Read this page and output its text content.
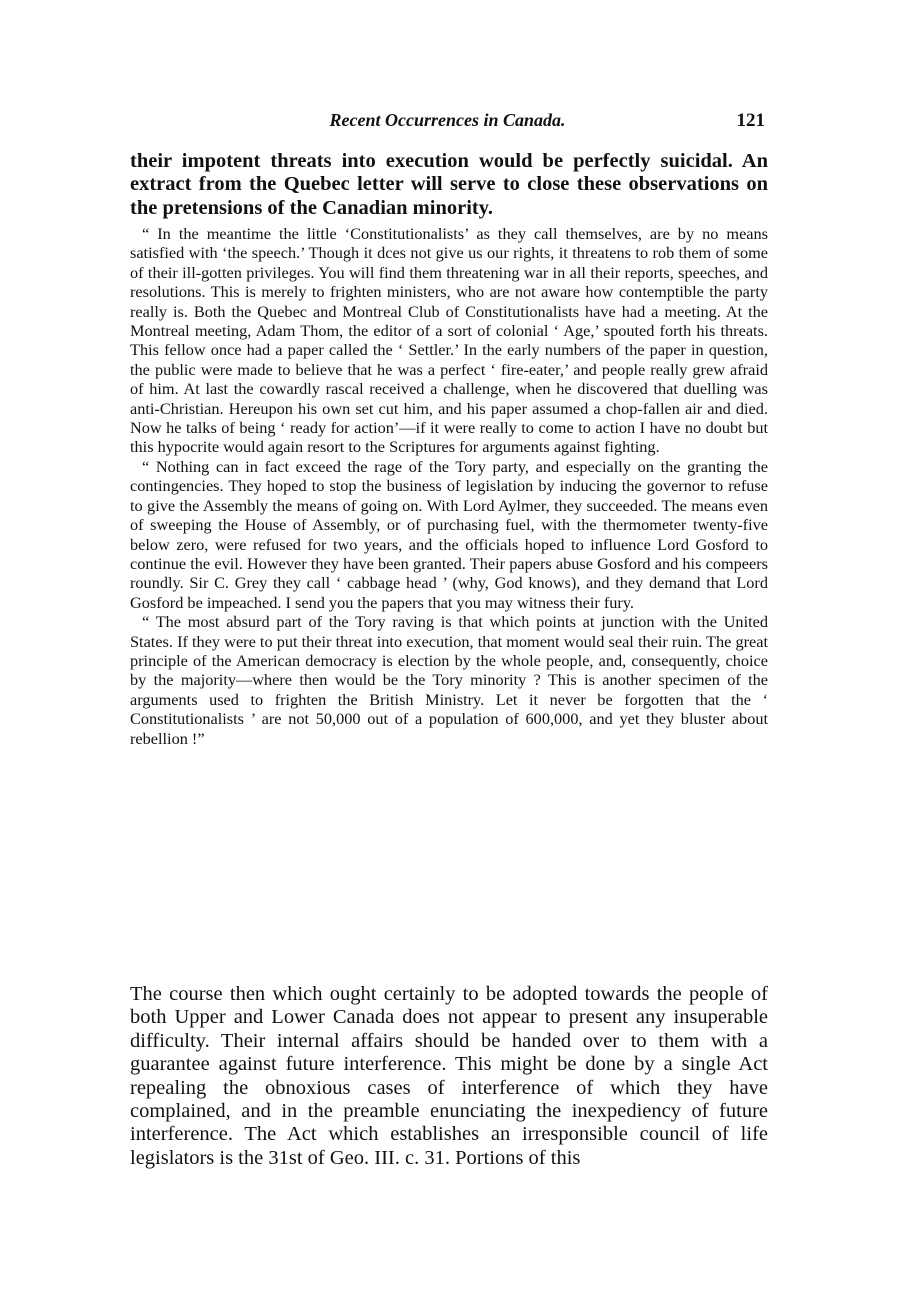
Recent Occurrences in Canada.	121

their impotent threats into execution would be perfectly suicidal. An extract from the Quebec letter will serve to close these observations on the pretensions of the Canadian minority.

“ In the meantime the little ‘Constitutionalists’ as they call themselves, are by no means satisfied with ‘the speech.’ Though it dces not give us our rights, it threatens to rob them of some of their ill-gotten privileges. You will find them threatening war in all their reports, speeches, and resolutions. This is merely to frighten ministers, who are not aware how contemptible the party really is. Both the Quebec and Montreal Club of Constitutionalists have had a meeting. At the Montreal meeting, Adam Thom, the editor of a sort of colonial ‘ Age,’ spouted forth his threats. This fellow once had a paper called the ‘ Settler.’ In the early numbers of the paper in question, the public were made to believe that he was a perfect ‘ fire-eater,’ and people really grew afraid of him. At last the cowardly rascal received a challenge, when he discovered that duelling was anti-Christian. Hereupon his own set cut him, and his paper assumed a chop-fallen air and died. Now he talks of being ‘ ready for action’—if it were really to come to action I have no doubt but this hypocrite would again resort to the Scriptures for arguments against fighting.

“ Nothing can in fact exceed the rage of the Tory party, and especially on the granting the contingencies. They hoped to stop the business of legislation by inducing the governor to refuse to give the Assembly the means of going on. With Lord Aylmer, they succeeded. The means even of sweeping the House of Assembly, or of purchasing fuel, with the thermometer twenty-five below zero, were refused for two years, and the officials hoped to influence Lord Gosford to continue the evil. However they have been granted. Their papers abuse Gosford and his compeers roundly. Sir C. Grey they call ‘ cabbage head ’ (why, God knows), and they demand that Lord Gosford be impeached. I send you the papers that you may witness their fury.

“ The most absurd part of the Tory raving is that which points at junction with the United States. If they were to put their threat into execution, that moment would seal their ruin. The great principle of the American democracy is election by the whole people, and, consequently, choice by the majority—where then would be the Tory minority ? This is another specimen of the arguments used to frighten the British Ministry. Let it never be forgotten that the ‘ Constitutionalists ’ are not 50,000 out of a population of 600,000, and yet they bluster about rebellion !”

The course then which ought certainly to be adopted towards the people of both Upper and Lower Canada does not appear to present any insuperable difficulty. Their internal affairs should be handed over to them with a guarantee against future interference. This might be done by a single Act repealing the obnoxious cases of interference of which they have complained, and in the preamble enunciating the inexpediency of future interference. The Act which establishes an irresponsible council of life legislators is the 31st of Geo. III. c. 31. Portions of this
